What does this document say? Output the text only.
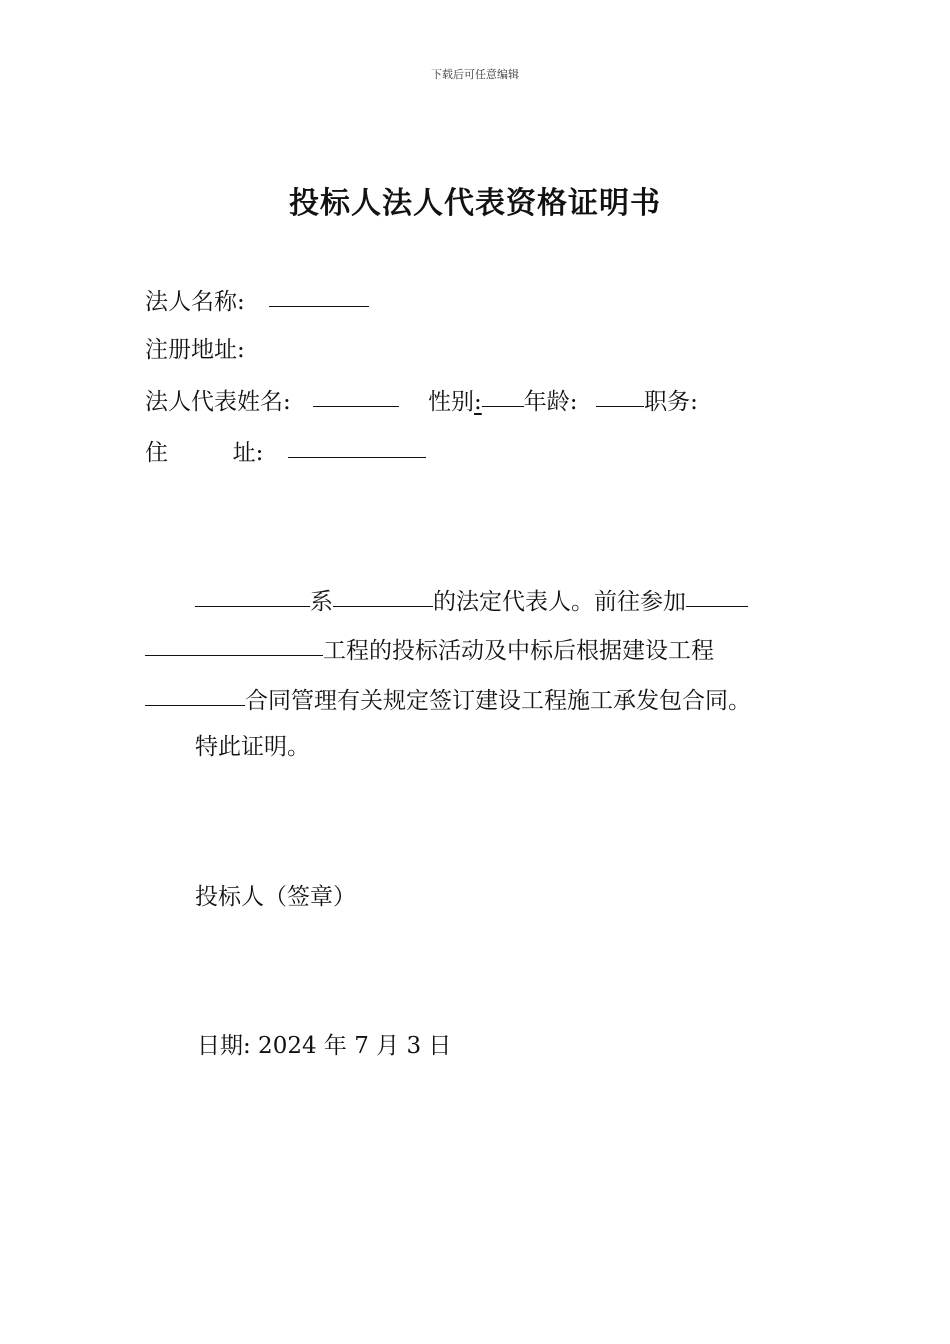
下载后可任意编辑
投标人法人代表资格证明书
法人名称:
注册地址:
法人代表姓名:	性别: 年龄:	职务:
住	址:
系	的法定代表人。前往参加
工程的投标活动及中标后根据建设工程
合同管理有关规定签订建设工程施工承发包合同。
特此证明。
投标人（签章）
日期: 2024 年 7 月 3 日
